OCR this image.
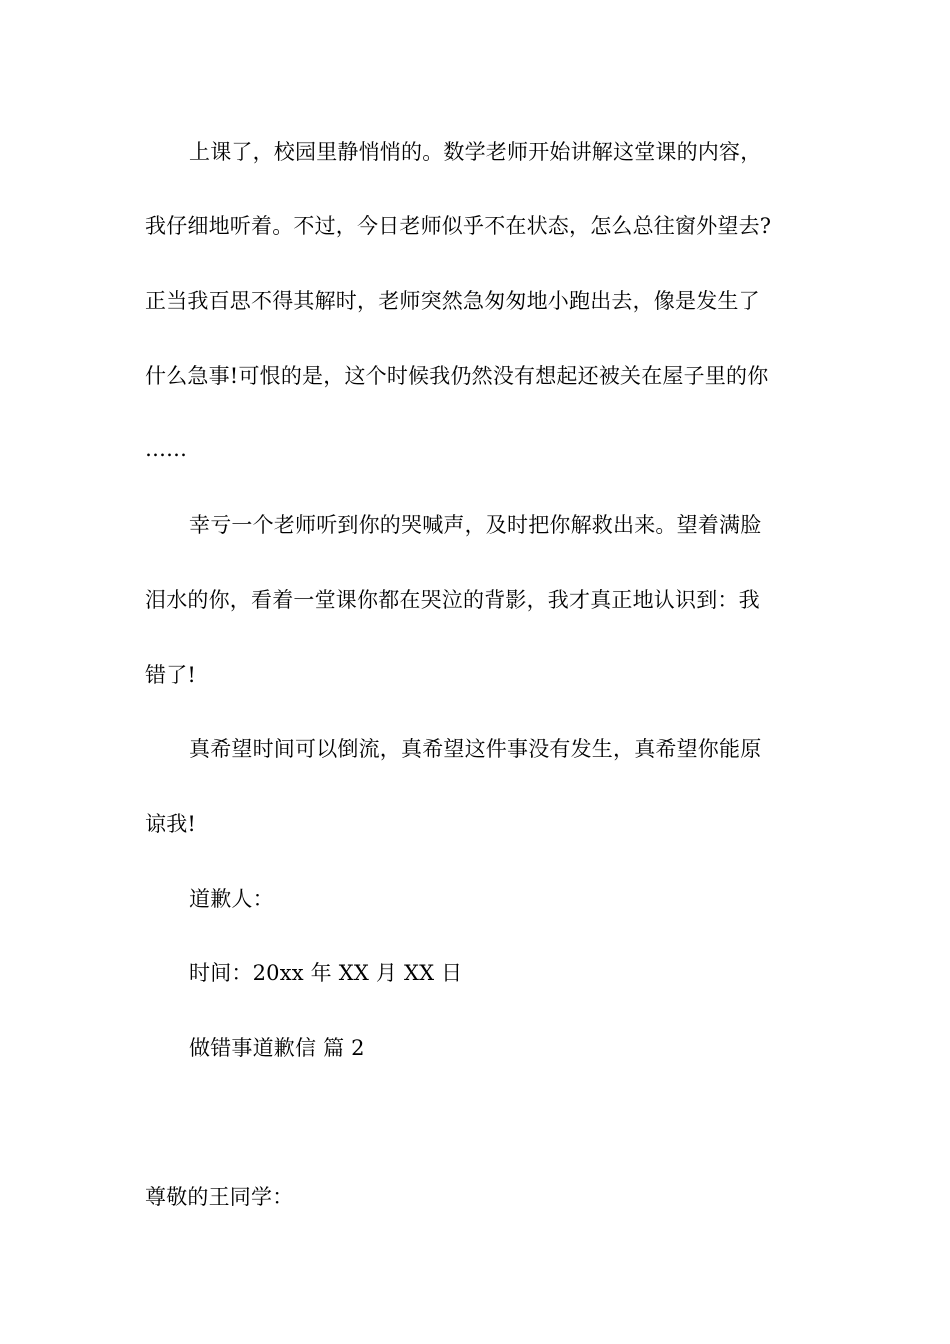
上课了，校园里静悄悄的。数学老师开始讲解这堂课的内容，
我仔细地听着。不过，今日老师似乎不在状态，怎么总往窗外望去?
正当我百思不得其解时，老师突然急匆匆地小跑出去，像是发生了
什么急事!可恨的是，这个时候我仍然没有想起还被关在屋子里的你
……
幸亏一个老师听到你的哭喊声，及时把你解救出来。望着满脸
泪水的你，看着一堂课你都在哭泣的背影，我才真正地认识到：我
错了!
真希望时间可以倒流，真希望这件事没有发生，真希望你能原
谅我!
道歉人：
时间：20xx 年 XX 月 XX 日
做错事道歉信 篇 2
尊敬的王同学：
